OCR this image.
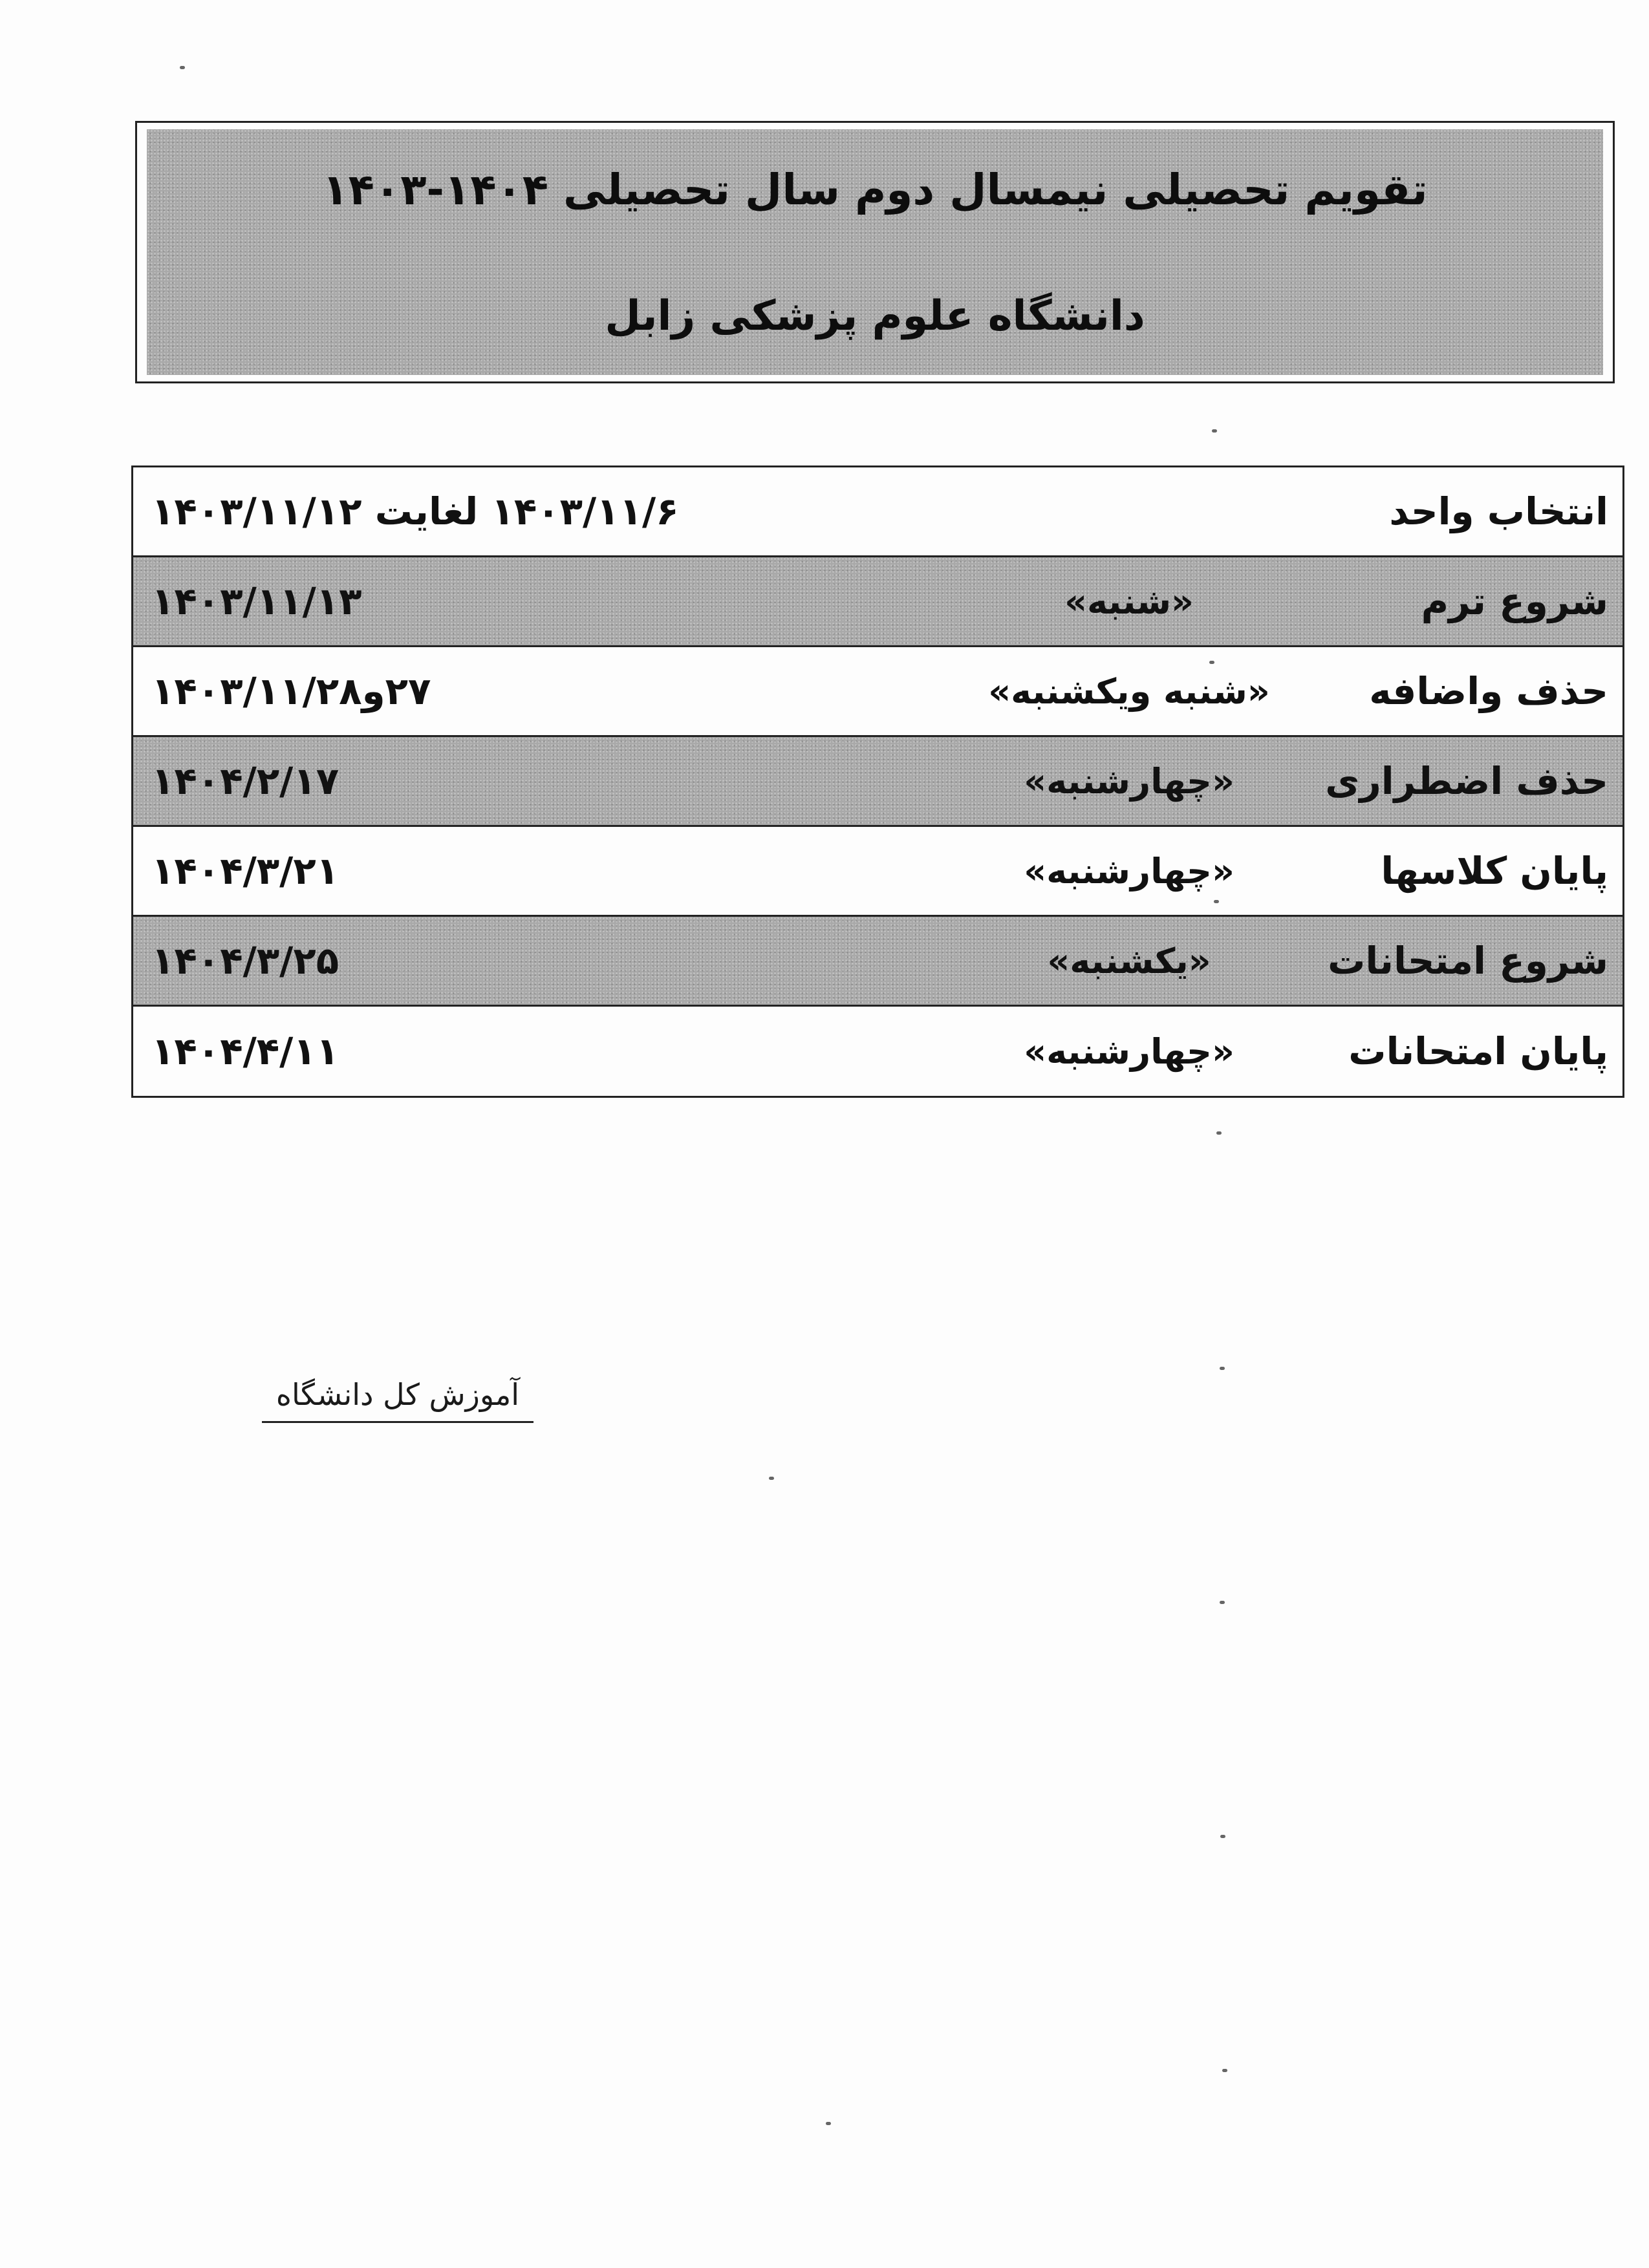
تقویم تحصیلی نیمسال دوم سال تحصیلی ۱۴۰۴-۱۴۰۳
دانشگاه علوم پزشکی زابل
انتخاب واحد
۱۴۰۳/۱۱/۶ لغایت ۱۴۰۳/۱۱/۱۲
شروع ترم
«شنبه»
۱۴۰۳/۱۱/۱۳
حذف واضافه
«شنبه ویکشنبه»
۲۷و۱۴۰۳/۱۱/۲۸
حذف اضطراری
«چهارشنبه»
۱۴۰۴/۲/۱۷
پایان کلاسها
«چهارشنبه»
۱۴۰۴/۳/۲۱
شروع امتحانات
«یکشنبه»
۱۴۰۴/۳/۲۵
پایان امتحانات
«چهارشنبه»
۱۴۰۴/۴/۱۱
آموزش کل دانشگاه
